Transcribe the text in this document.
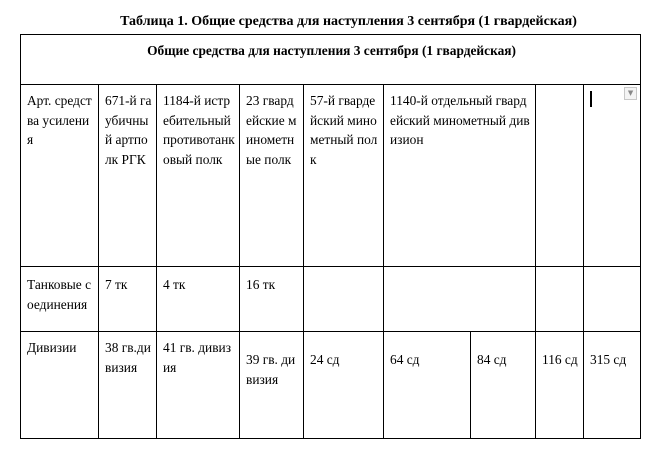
Таблица 1. Общие средства для наступления 3 сентября (1 гвардейская)
Общие средства для наступления 3 сентября (1 гвардейская)								
Арт. средства усиления	671-й гаубичный артполк РГК	1184-й истребительный противотанковый полк	23 гвардейские минометные полк	57-й гвардейский минометный полк	1140-й отдельный гвардейский минометный дивизион			▼

Танковые соединения	7 тк	4 тк	16 тк					
Дивизии	38 гв.дивизия	41 гв. дивизия	39 гв. дивизия	24 сд	64 сд	84 сд	116 сд	315 сд
